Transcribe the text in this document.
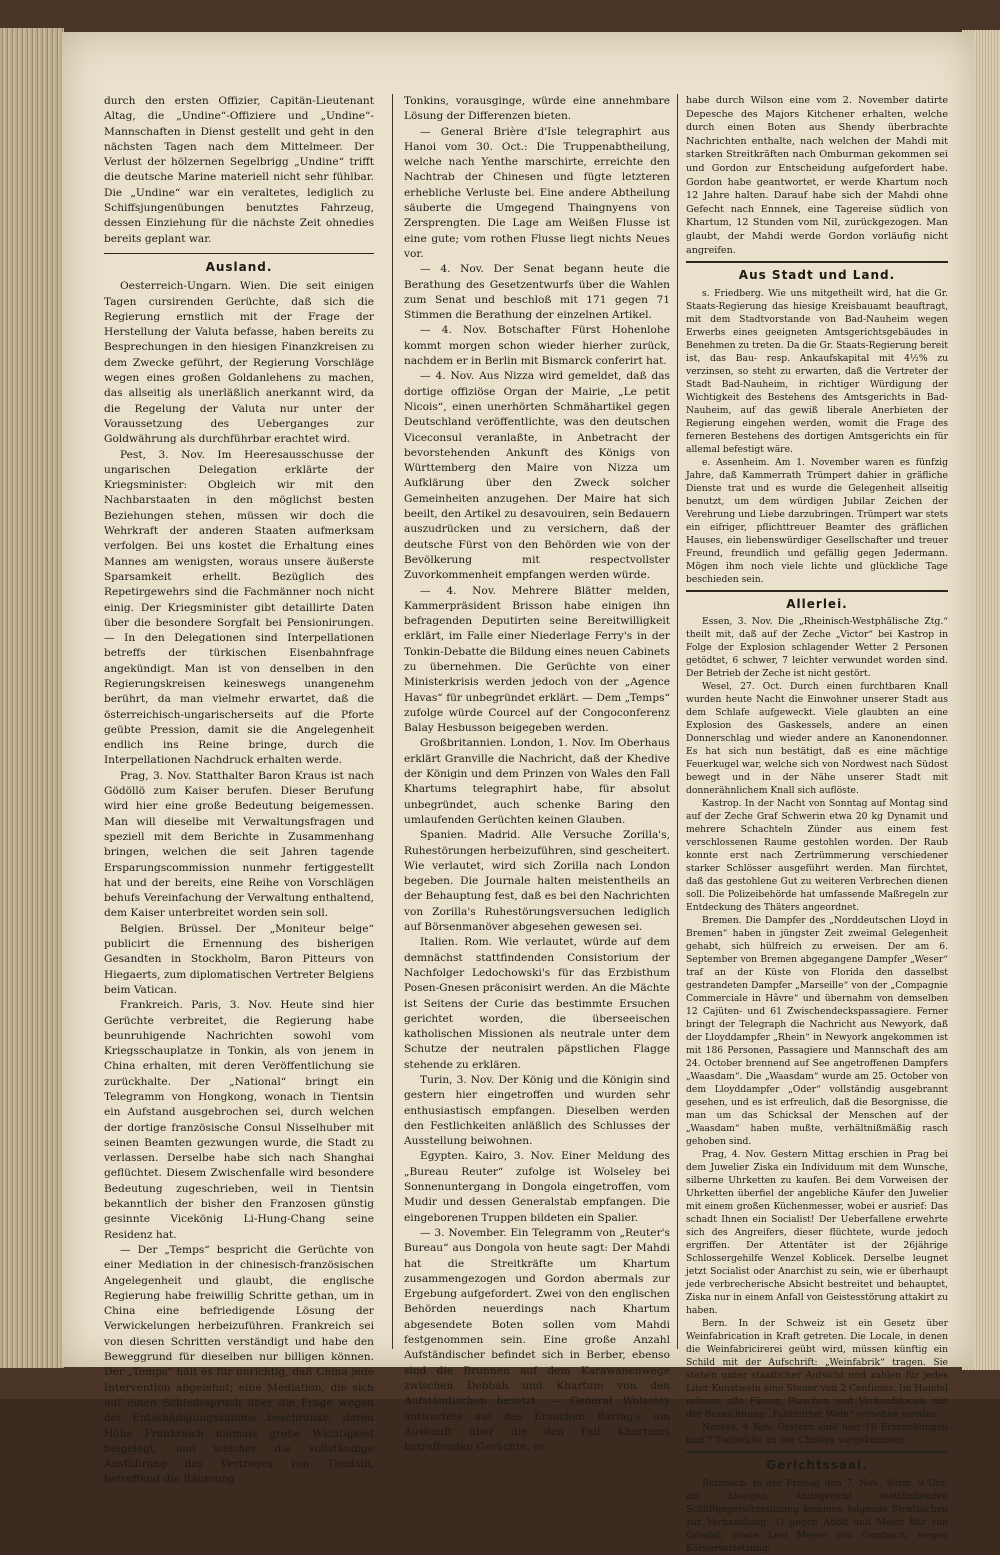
durch den ersten Offizier, Capitän-Lieutenant Altag, die „Undine“-Offiziere und „Undine“-Mannschaften in Dienst gestellt und geht in den nächsten Tagen nach dem Mittelmeer. Der Verlust der hölzernen Segelbrigg „Undine“ trifft die deutsche Marine materiell nicht sehr fühlbar. Die „Undine“ war ein veraltetes, lediglich zu Schiffsjungenübungen benutztes Fahrzeug, dessen Einziehung für die nächste Zeit ohnedies bereits geplant war.

Ausland.

Oesterreich-Ungarn. Wien. Die seit einigen Tagen cursirenden Gerüchte, daß sich die Regierung ernstlich mit der Frage der Herstellung der Valuta befasse, haben bereits zu Besprechungen in den hiesigen Finanzkreisen zu dem Zwecke geführt, der Regierung Vorschläge wegen eines großen Goldanlehens zu machen, das allseitig als unerläßlich anerkannt wird, da die Regelung der Valuta nur unter der Voraussetzung des Ueberganges zur Goldwährung als durchführbar erachtet wird.

Pest, 3. Nov. Im Heeresausschusse der ungarischen Delegation erklärte der Kriegsminister: Obgleich wir mit den Nachbarstaaten in den möglichst besten Beziehungen stehen, müssen wir doch die Wehrkraft der anderen Staaten aufmerksam verfolgen. Bei uns kostet die Erhaltung eines Mannes am wenigsten, woraus unsere äußerste Sparsamkeit erhellt. Bezüglich des Repetirgewehrs sind die Fachmänner noch nicht einig. Der Kriegsminister gibt detaillirte Daten über die besondere Sorgfalt bei Pensionirungen. — In den Delegationen sind Interpellationen betreffs der türkischen Eisenbahnfrage angekündigt. Man ist von denselben in den Regierungskreisen keineswegs unangenehm berührt, da man vielmehr erwartet, daß die österreichisch-ungarischerseits auf die Pforte geübte Pression, damit sie die Angelegenheit endlich ins Reine bringe, durch die Interpellationen Nachdruck erhalten werde.

Prag, 3. Nov. Statthalter Baron Kraus ist nach Gödöllö zum Kaiser berufen. Dieser Berufung wird hier eine große Bedeutung beigemessen. Man will dieselbe mit Verwaltungsfragen und speziell mit dem Berichte in Zusammenhang bringen, welchen die seit Jahren tagende Ersparungscommission nunmehr fertiggestellt hat und der bereits, eine Reihe von Vorschlägen behufs Vereinfachung der Verwaltung enthaltend, dem Kaiser unterbreitet worden sein soll.

Belgien. Brüssel. Der „Moniteur belge“ publicirt die Ernennung des bisherigen Gesandten in Stockholm, Baron Pitteurs von Hiegaerts, zum diplomatischen Vertreter Belgiens beim Vatican.

Frankreich. Paris, 3. Nov. Heute sind hier Gerüchte verbreitet, die Regierung habe beunruhigende Nachrichten sowohl vom Kriegsschauplatze in Tonkin, als von jenem in China erhalten, mit deren Veröffentlichung sie zurückhalte. Der „National“ bringt ein Telegramm von Hongkong, wonach in Tientsin ein Aufstand ausgebrochen sei, durch welchen der dortige französische Consul Nisselhuber mit seinen Beamten gezwungen wurde, die Stadt zu verlassen. Derselbe habe sich nach Shanghai geflüchtet. Diesem Zwischenfalle wird besondere Bedeutung zugeschrieben, weil in Tientsin bekanntlich der bisher den Franzosen günstig gesinnte Vicekönig Li-Hung-Chang seine Residenz hat.

— Der „Temps“ bespricht die Gerüchte von einer Mediation in der chinesisch-französischen Angelegenheit und glaubt, die englische Regierung habe freiwillig Schritte gethan, um in China eine befriedigende Lösung der Verwickelungen herbeizuführen. Frankreich sei von diesen Schritten verständigt und habe den Beweggrund für dieselben nur billigen können. Der „Temps“ hält es für unrichtig, daß China jede Intervention abgelehnt; eine Mediation, die sich auf einen Schiedsspruch über die Frage wegen der Entschädigungssumme beschränke, deren Höhe Frankreich niemals große Wichtigkeit beigelegt, und welcher die vollständige Ausführung des Vertrages von Tientsin, betreffend die Räumung

Tonkins, vorausginge, würde eine annehmbare Lösung der Differenzen bieten.

— General Brière d'Isle telegraphirt aus Hanoi vom 30. Oct.: Die Truppenabtheilung, welche nach Yenthe marschirte, erreichte den Nachtrab der Chinesen und fügte letzteren erhebliche Verluste bei. Eine andere Abtheilung säuberte die Umgegend Thaingnyens von Zersprengten. Die Lage am Weißen Flusse ist eine gute; vom rothen Flusse liegt nichts Neues vor.

— 4. Nov. Der Senat begann heute die Berathung des Gesetzentwurfs über die Wahlen zum Senat und beschloß mit 171 gegen 71 Stimmen die Berathung der einzelnen Artikel.

— 4. Nov. Botschafter Fürst Hohenlohe kommt morgen schon wieder hierher zurück, nachdem er in Berlin mit Bismarck conferirt hat.

— 4. Nov. Aus Nizza wird gemeldet, daß das dortige offiziöse Organ der Mairie, „Le petit Nicois“, einen unerhörten Schmähartikel gegen Deutschland veröffentlichte, was den deutschen Viceconsul veranlaßte, in Anbetracht der bevorstehenden Ankunft des Königs von Württemberg den Maire von Nizza um Aufklärung über den Zweck solcher Gemeinheiten anzugehen. Der Maire hat sich beeilt, den Artikel zu desavouiren, sein Bedauern auszudrücken und zu versichern, daß der deutsche Fürst von den Behörden wie von der Bevölkerung mit respectvollster Zuvorkommenheit empfangen werden würde.

— 4. Nov. Mehrere Blätter melden, Kammerpräsident Brisson habe einigen ihn befragenden Deputirten seine Bereitwilligkeit erklärt, im Falle einer Niederlage Ferry's in der Tonkin-Debatte die Bildung eines neuen Cabinets zu übernehmen. Die Gerüchte von einer Ministerkrisis werden jedoch von der „Agence Havas“ für unbegründet erklärt. — Dem „Temps“ zufolge würde Courcel auf der Congoconferenz Balay Hesbusson beigegeben werden.

Großbritannien. London, 1. Nov. Im Oberhaus erklärt Granville die Nachricht, daß der Khedive der Königin und dem Prinzen von Wales den Fall Khartums telegraphirt habe, für absolut unbegründet, auch schenke Baring den umlaufenden Gerüchten keinen Glauben.

Spanien. Madrid. Alle Versuche Zorilla's, Ruhestörungen herbeizuführen, sind gescheitert. Wie verlautet, wird sich Zorilla nach London begeben. Die Journale halten meistentheils an der Behauptung fest, daß es bei den Nachrichten von Zorilla's Ruhestörungsversuchen lediglich auf Börsenmanöver abgesehen gewesen sei.

Italien. Rom. Wie verlautet, würde auf dem demnächst stattfindenden Consistorium der Nachfolger Ledochowski's für das Erzbisthum Posen-Gnesen präconisirt werden. An die Mächte ist Seitens der Curie das bestimmte Ersuchen gerichtet worden, die überseeischen katholischen Missionen als neutrale unter dem Schutze der neutralen päpstlichen Flagge stehende zu erklären.

Turin, 3. Nov. Der König und die Königin sind gestern hier eingetroffen und wurden sehr enthusiastisch empfangen. Dieselben werden den Festlichkeiten anläßlich des Schlusses der Ausstellung beiwohnen.

Egypten. Kairo, 3. Nov. Einer Meldung des „Bureau Reuter“ zufolge ist Wolseley bei Sonnenuntergang in Dongola eingetroffen, vom Mudir und dessen Generalstab empfangen. Die eingeborenen Truppen bildeten ein Spalier.

— 3. November. Ein Telegramm von „Reuter's Bureau“ aus Dongola von heute sagt: Der Mahdi hat die Streitkräfte um Khartum zusammengezogen und Gordon abermals zur Ergebung aufgefordert. Zwei von den englischen Behörden neuerdings nach Khartum abgesendete Boten sollen vom Mahdi festgenommen sein. Eine große Anzahl Aufständischer befindet sich in Berber, ebenso sind die Brunnen auf dem Karawanenwege zwischen Debbah und Khartum von den Aufständischen besetzt. — General Wolseley antwortete auf das Ersuchen Baring's um Auskunft über die den Fall Khartums betreffenden Gerüchte, er

habe durch Wilson eine vom 2. November datirte Depesche des Majors Kitchener erhalten, welche durch einen Boten aus Shendy überbrachte Nachrichten enthalte, nach welchen der Mahdi mit starken Streitkräften nach Omburman gekommen sei und Gordon zur Entscheidung aufgefordert habe. Gordon habe geantwortet, er werde Khartum noch 12 Jahre halten. Darauf habe sich der Mahdi ohne Gefecht nach Ennnek, eine Tagereise südlich von Khartum, 12 Stunden vom Nil, zurückgezogen. Man glaubt, der Mahdi werde Gordon vorläufig nicht angreifen.

Aus Stadt und Land.

s. Friedberg. Wie uns mitgetheilt wird, hat die Gr. Staats-Regierung das hiesige Kreisbauamt beauftragt, mit dem Stadtvorstande von Bad-Nauheim wegen Erwerbs eines geeigneten Amtsgerichtsgebäudes in Benehmen zu treten. Da die Gr. Staats-Regierung bereit ist, das Bau- resp. Ankaufskapital mit 4½% zu verzinsen, so steht zu erwarten, daß die Vertreter der Stadt Bad-Nauheim, in richtiger Würdigung der Wichtigkeit des Bestehens des Amtsgerichts in Bad-Nauheim, auf das gewiß liberale Anerbieten der Regierung eingehen werden, womit die Frage des ferneren Bestehens des dortigen Amtsgerichts ein für allemal befestigt wäre.

e. Assenheim. Am 1. November waren es fünfzig Jahre, daß Kammerrath Trümpert dahier in gräfliche Dienste trat und es wurde die Gelegenheit allseitig benutzt, um dem würdigen Jubilar Zeichen der Verehrung und Liebe darzubringen. Trümpert war stets ein eifriger, pflichttreuer Beamter des gräflichen Hauses, ein liebenswürdiger Gesellschafter und treuer Freund, freundlich und gefällig gegen Jedermann. Mögen ihm noch viele lichte und glückliche Tage beschieden sein.

Allerlei.

Essen, 3. Nov. Die „Rheinisch-Westphälische Ztg.“ theilt mit, daß auf der Zeche „Victor“ bei Kastrop in Folge der Explosion schlagender Wetter 2 Personen getödtet, 6 schwer, 7 leichter verwundet worden sind. Der Betrieb der Zeche ist nicht gestört.

Wesel, 27. Oct. Durch einen furchtbaren Knall wurden heute Nacht die Einwohner unserer Stadt aus dem Schlafe aufgeweckt. Viele glaubten an eine Explosion des Gaskessels, andere an einen Donnerschlag und wieder andere an Kanonendonner. Es hat sich nun bestätigt, daß es eine mächtige Feuerkugel war, welche sich von Nordwest nach Südost bewegt und in der Nähe unserer Stadt mit donnerähnlichem Knall sich auflöste.

Kastrop. In der Nacht von Sonntag auf Montag sind auf der Zeche Graf Schwerin etwa 20 kg Dynamit und mehrere Schachteln Zünder aus einem fest verschlossenen Raume gestohlen worden. Der Raub konnte erst nach Zertrümmerung verschiedener starker Schlösser ausgeführt werden. Man fürchtet, daß das gestohlene Gut zu weiteren Verbrechen dienen soll. Die Polizeibehörde hat umfassende Maßregeln zur Entdeckung des Thäters angeordnet.

Bremen. Die Dampfer des „Norddeutschen Lloyd in Bremen“ haben in jüngster Zeit zweimal Gelegenheit gehabt, sich hülfreich zu erweisen. Der am 6. September von Bremen abgegangene Dampfer „Weser“ traf an der Küste von Florida den dasselbst gestrandeten Dampfer „Marseille“ von der „Compagnie Commerciale in Hâvre“ und übernahm von demselben 12 Cajüten- und 61 Zwischendeckspassagiere. Ferner bringt der Telegraph die Nachricht aus Newyork, daß der Lloyddampfer „Rhein“ in Newyork angekommen ist mit 186 Personen, Passagiere und Mannschaft des am 24. October brennend auf See angetroffenen Dampfers „Waasdam“. Die „Waasdam“ wurde am 25. October von dem Lloyddampfer „Oder“ vollständig ausgebrannt gesehen, und es ist erfreulich, daß die Besorgnisse, die man um das Schicksal der Menschen auf der „Waasdam“ haben mußte, verhältnißmäßig rasch gehoben sind.

Prag, 4. Nov. Gestern Mittag erschien in Prag bei dem Juwelier Ziska ein Individuum mit dem Wunsche, silberne Uhrketten zu kaufen. Bei dem Vorweisen der Uhrketten überfiel der angebliche Käufer den Juwelier mit einem großen Küchenmesser, wobei er ausrief: Das schadt Ihnen ein Socialist! Der Ueberfallene erwehrte sich des Angreifers, dieser flüchtete, wurde jedoch ergriffen. Der Attentäter ist der 26jährige Schlossergehilfe Wenzel Koblicek. Derselbe leugnet jetzt Socialist oder Anarchist zu sein, wie er überhaupt jede verbrecherische Absicht bestreitet und behauptet, Ziska nur in einem Anfall von Geistesstörung attakirt zu haben.

Bern. In der Schweiz ist ein Gesetz über Weinfabrication in Kraft getreten. Die Locale, in denen die Weinfabricirerei geübt wird, müssen künftig ein Schild mit der Aufschrift: „Weinfabrik“ tragen. Sie stehen unter staatlicher Aufsicht und zahlen für jedes Liter Kunstwein eine Steuer von 2 Centimes. Im Handel müssen alle Fässer, Flaschen und Verkaufslocale mit der Bezeichnung „Fabricirter Wein“ versehen werden.

Nantes, 4 Nov. Gestern sind hier 10 Erkrankungen und 7 Todesfälle an der Cholera vorgekommen.

Gerichtssaal.

Butzbach. In der Freitag den 7. Nov., Vorm. 9 Uhr, am hiesigen Amtsgericht stattfindenden Schöffengerichtssitzung kommen folgende Strafsachen zur Verhandlung: 1) gegen Adolf und Meier Bär von Griedel, sowie Levi Meyer von Gambach, wegen Körperverletzung;
